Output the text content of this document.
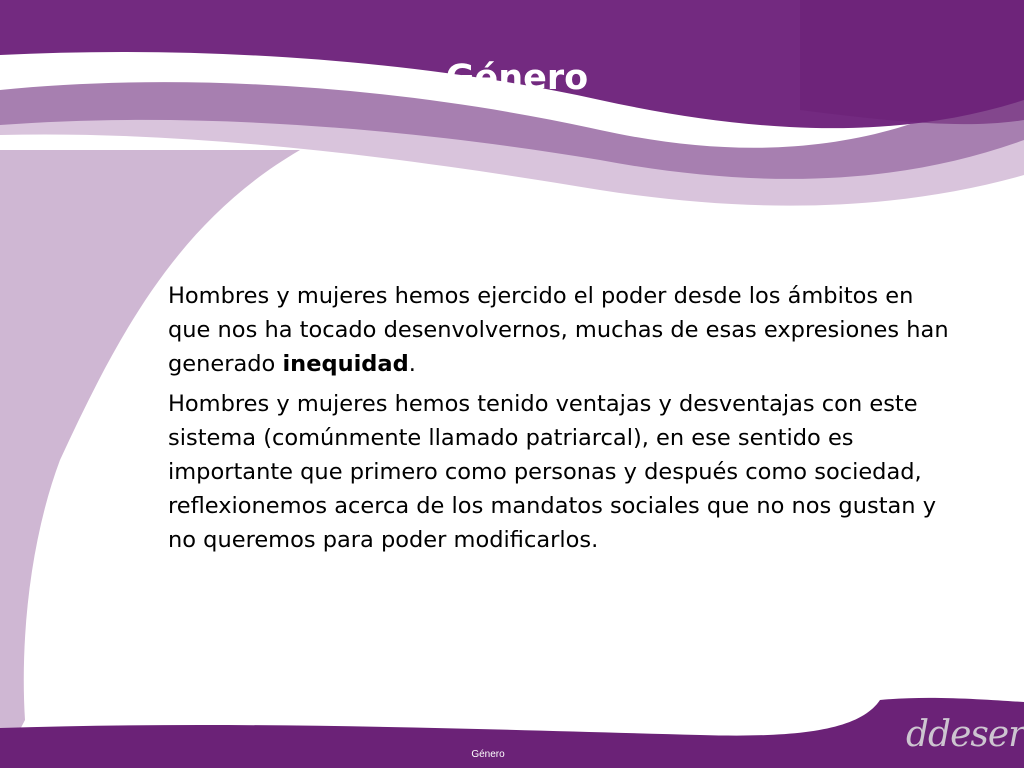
Género

Hombres y mujeres hemos ejercido el poder desde los ámbitos en que nos ha tocado desenvolvernos, muchas de esas expresiones han generado inequidad.

Hombres y mujeres hemos tenido ventajas y desventajas con este sistema (comúnmente llamado patriarcal), en ese sentido es importante que primero como personas y después como sociedad, reflexionemos acerca de los mandatos sociales que no nos gustan y no queremos para poder modificarlos.

Género	ddeser
